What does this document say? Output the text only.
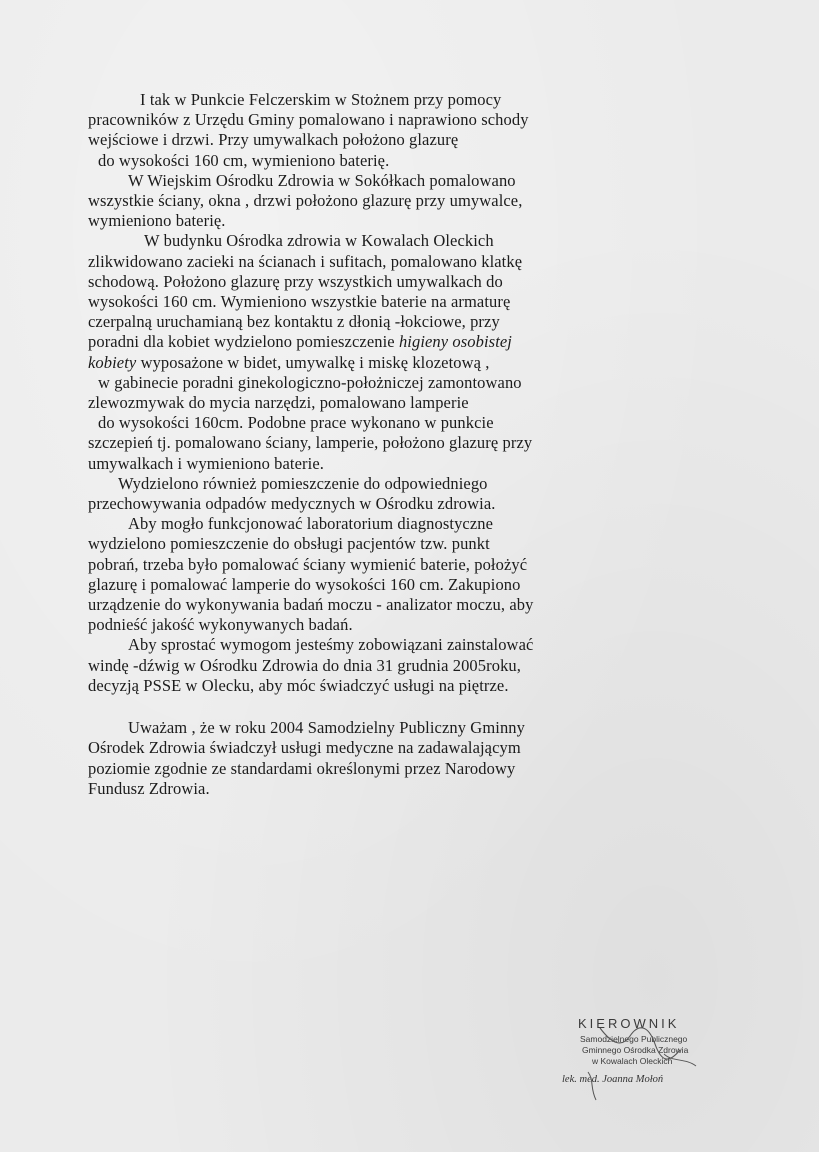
I tak w Punkcie Felczerskim w Stożnem przy pomocy
pracowników z Urzędu Gminy pomalowano i naprawiono schody
wejściowe i drzwi. Przy umywalkach położono glazurę
do wysokości 160 cm, wymieniono baterię.
W Wiejskim Ośrodku Zdrowia w Sokółkach pomalowano
wszystkie ściany, okna , drzwi położono glazurę przy umywalce,
wymieniono baterię.
W budynku Ośrodka zdrowia w Kowalach Oleckich
zlikwidowano zacieki na ścianach i sufitach, pomalowano klatkę
schodową. Położono glazurę przy wszystkich umywalkach do
wysokości 160 cm. Wymieniono wszystkie baterie na armaturę
czerpalną uruchamianą bez kontaktu z dłonią -łokciowe, przy
poradni dla kobiet wydzielono pomieszczenie higieny osobistej
kobiety wyposażone w bidet, umywalkę i miskę klozetową ,
w gabinecie poradni ginekologiczno-położniczej zamontowano
zlewozmywak do mycia narzędzi, pomalowano lamperie
do wysokości 160cm. Podobne prace wykonano w punkcie
szczepień tj. pomalowano ściany, lamperie, położono glazurę przy
umywalkach i wymieniono baterie.
Wydzielono również pomieszczenie do odpowiedniego
przechowywania odpadów medycznych w Ośrodku zdrowia.
Aby mogło funkcjonować laboratorium diagnostyczne
wydzielono pomieszczenie do obsługi pacjentów tzw. punkt
pobrań, trzeba było pomalować ściany wymienić baterie, położyć
glazurę i pomalować lamperie do wysokości 160 cm. Zakupiono
urządzenie do wykonywania badań moczu - analizator moczu, aby
podnieść jakość wykonywanych badań.
Aby sprostać wymogom jesteśmy zobowiązani zainstalować
windę -dźwig w Ośrodku Zdrowia do dnia 31 grudnia 2005roku,
decyzją PSSE w Olecku, aby móc świadczyć usługi na piętrze.
Uważam , że w roku 2004 Samodzielny Publiczny Gminny
Ośrodek Zdrowia świadczył usługi medyczne na zadawalającym
poziomie zgodnie ze standardami określonymi przez Narodowy
Fundusz Zdrowia.
KIEROWNIK
Samodzielnego Publicznego
Gminnego Ośrodka Zdrowia
w Kowalach Oleckich
lek. med. Joanna Mołoń
